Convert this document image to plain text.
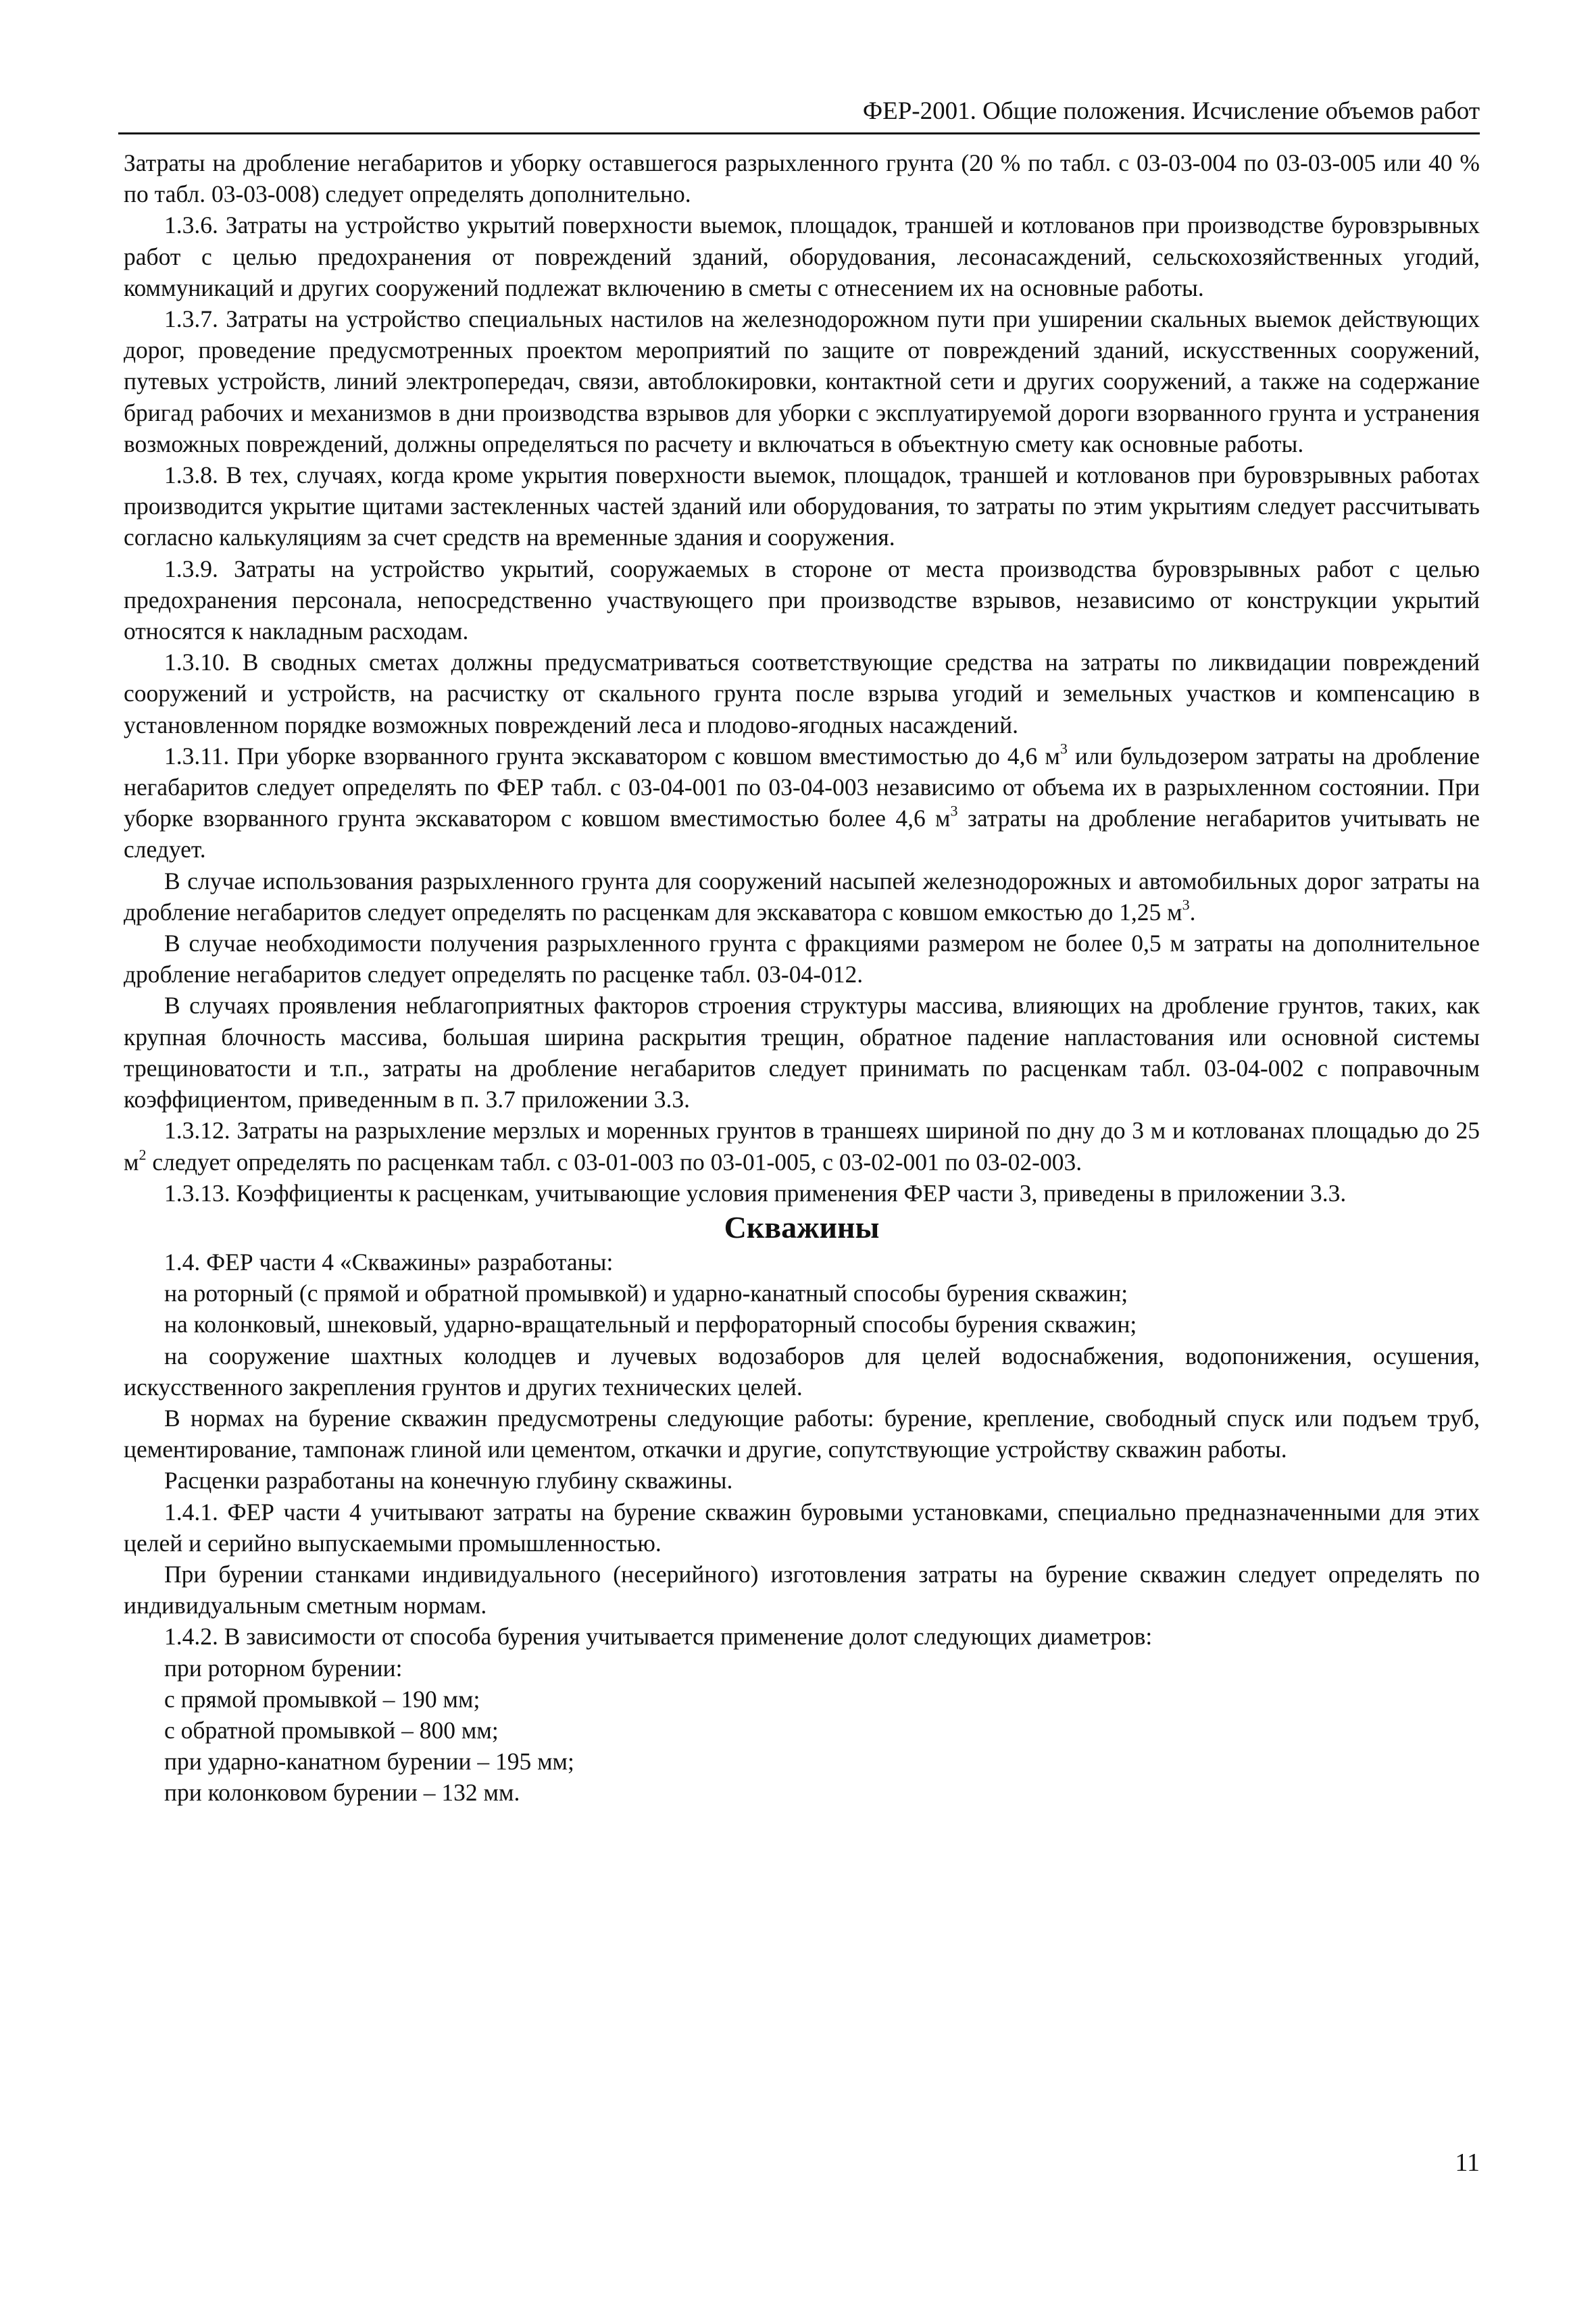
ФЕР-2001. Общие положения. Исчисление объемов работ

Затраты на дробление негабаритов и уборку оставшегося разрыхленного грунта (20 % по табл. с 03-03-004 по 03-03-005 или 40 % по табл. 03-03-008) следует определять дополнительно.

1.3.6. Затраты на устройство укрытий поверхности выемок, площадок, траншей и котлованов при производстве буровзрывных работ с целью предохранения от повреждений зданий, оборудования, лесонасаждений, сельскохозяйственных угодий, коммуникаций и других сооружений подлежат включению в сметы с отнесением их на основные работы.

1.3.7. Затраты на устройство специальных настилов на железнодорожном пути при уширении скальных выемок действующих дорог, проведение предусмотренных проектом мероприятий по защите от повреждений зданий, искусственных сооружений, путевых устройств, линий электропередач, связи, автоблокировки, контактной сети и других сооружений, а также на содержание бригад рабочих и механизмов в дни производства взрывов для уборки с эксплуатируемой дороги взорванного грунта и устранения возможных повреждений, должны определяться по расчету и включаться в объектную смету как основные работы.

1.3.8. В тех, случаях, когда кроме укрытия поверхности выемок, площадок, траншей и котлованов при буровзрывных работах производится укрытие щитами застекленных частей зданий или оборудования, то затраты по этим укрытиям следует рассчитывать согласно калькуляциям за счет средств на временные здания и сооружения.

1.3.9. Затраты на устройство укрытий, сооружаемых в стороне от места производства буровзрывных работ с целью предохранения персонала, непосредственно участвующего при производстве взрывов, независимо от конструкции укрытий относятся к накладным расходам.

1.3.10. В сводных сметах должны предусматриваться соответствующие средства на затраты по ликвидации повреждений сооружений и устройств, на расчистку от скального грунта после взрыва угодий и земельных участков и компенсацию в установленном порядке возможных повреждений леса и плодово-ягодных насаждений.

1.3.11. При уборке взорванного грунта экскаватором с ковшом вместимостью до 4,6 $м^3$ или бульдозером затраты на дробление негабаритов следует определять по ФЕР табл. с 03-04-001 по 03-04-003 независимо от объема их в разрыхленном состоянии. При уборке взорванного грунта экскаватором с ковшом вместимостью более 4,6 $м^3$ затраты на дробление негабаритов учитывать не следует.

В случае использования разрыхленного грунта для сооружений насыпей железнодорожных и автомобильных дорог затраты на дробление негабаритов следует определять по расценкам для экскаватора с ковшом емкостью до 1,25 $м^3$.

В случае необходимости получения разрыхленного грунта с фракциями размером не более 0,5 м затраты на дополнительное дробление негабаритов следует определять по расценке табл. 03-04-012.

В случаях проявления неблагоприятных факторов строения структуры массива, влияющих на дробление грунтов, таких, как крупная блочность массива, большая ширина раскрытия трещин, обратное падение напластования или основной системы трещиноватости и т.п., затраты на дробление негабаритов следует принимать по расценкам табл. 03-04-002 с поправочным коэффициентом, приведенным в п. 3.7 приложении 3.3.

1.3.12. Затраты на разрыхление мерзлых и моренных грунтов в траншеях шириной по дну до 3 м и котлованах площадью до 25 $м^2$ следует определять по расценкам табл. с 03-01-003 по 03-01-005, с 03-02-001 по 03-02-003.

1.3.13. Коэффициенты к расценкам, учитывающие условия применения ФЕР части 3, приведены в приложении 3.3.

Скважины

1.4. ФЕР части 4 «Скважины» разработаны:

на роторный (с прямой и обратной промывкой) и ударно-канатный способы бурения скважин;

на колонковый, шнековый, ударно-вращательный и перфораторный способы бурения скважин;

на сооружение шахтных колодцев и лучевых водозаборов для целей водоснабжения, водопонижения, осушения, искусственного закрепления грунтов и других технических целей.

В нормах на бурение скважин предусмотрены следующие работы: бурение, крепление, свободный спуск или подъем труб, цементирование, тампонаж глиной или цементом, откачки и другие, сопутствующие устройству скважин работы.

Расценки разработаны на конечную глубину скважины.

1.4.1. ФЕР части 4 учитывают затраты на бурение скважин буровыми установками, специально предназначенными для этих целей и серийно выпускаемыми промышленностью.

При бурении станками индивидуального (несерийного) изготовления затраты на бурение скважин следует определять по индивидуальным сметным нормам.

1.4.2. В зависимости от способа бурения учитывается применение долот следующих диаметров:

при роторном бурении:

с прямой промывкой – 190 мм;

с обратной промывкой – 800 мм;

при ударно-канатном бурении – 195 мм;

при колонковом бурении – 132 мм.

11
